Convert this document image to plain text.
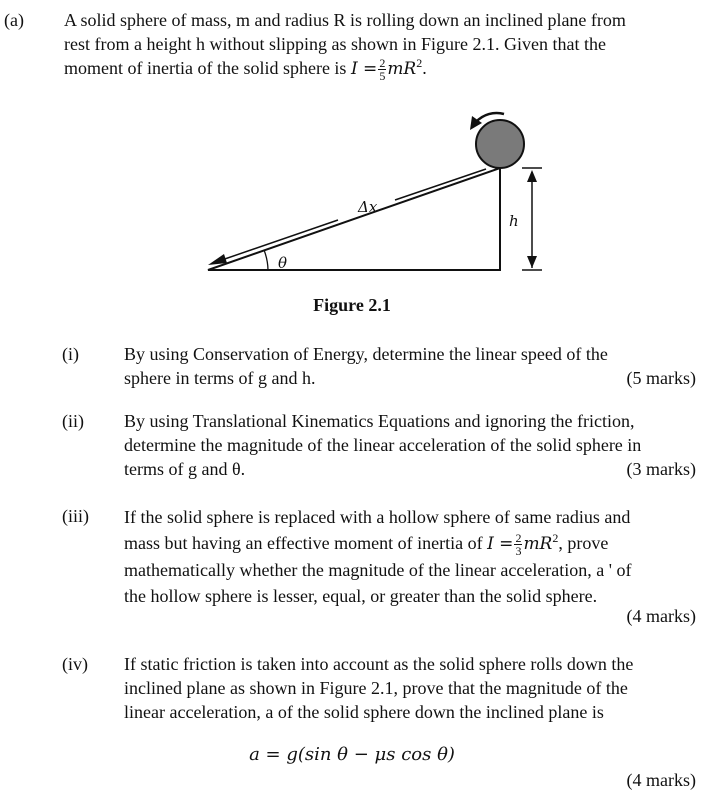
(a) A solid sphere of mass, m and radius R is rolling down an inclined plane from
rest from a height h without slipping as shown in Figure 2.1. Given that the
moment of inertia of the solid sphere is $I = \frac{2}{5} mR^2$.
Δx
h
θ
Figure 2.1
(i)	By using Conservation of Energy, determine the linear speed of the
sphere in terms of g and h.	(5 marks)
(ii) By using Translational Kinematics Equations and ignoring the friction,
determine the magnitude of the linear acceleration of the solid sphere in
terms of g and θ.	(3 marks)
(iii) If the solid sphere is replaced with a hollow sphere of same radius and
mass but having an effective moment of inertia of $I = \frac{2}{3} mR^2$, prove
mathematically whether the magnitude of the linear acceleration, a ' of
the hollow sphere is lesser, equal, or greater than the solid sphere.
(4 marks)
(iv) If static friction is taken into account as the solid sphere rolls down the
inclined plane as shown in Figure 2.1, prove that the magnitude of the
linear acceleration, a of the solid sphere down the inclined plane is
a = g(sin θ − μs cos θ)
(4 marks)
